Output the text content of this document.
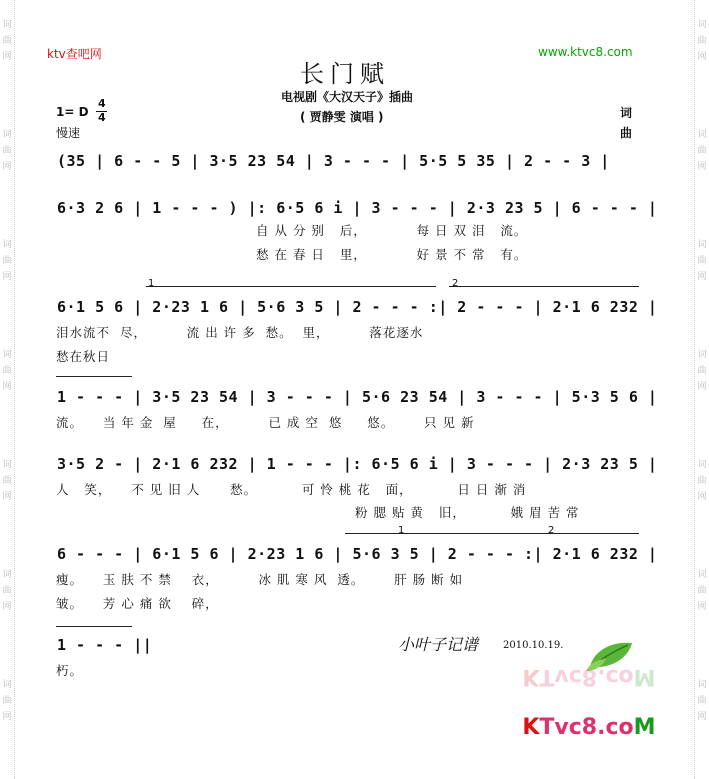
词
曲
网
词
曲
网
词
曲
网
词
曲
网
词
曲
网
词
曲
网
词
曲
网
词
曲
网
词
曲
网
词
曲
网
词
曲
网
词
曲
网
词
曲
网
词
曲
网
ktv查吧网	www.ktvc8.com
长门赋
电视剧《大汉天子》插曲
( 贾静雯 演唱 )
1= D
4
4
慢速
词
曲
(35 | 6 - - 5 | 3·5 23 54 | 3 - - - | 5·5 5 35 | 2 - - 3 |
6·3 2 6 | 1 - - - ) |: 6·5 6 i | 3 - - - | 2·3 23 5 | 6 - - - |
自 从 分 别   后，          每 日 双 泪   流。
愁 在 春 日   里，          好 景 不 常   有。
1	2
6·1 5 6 | 2·23 1 6 | 5·6 3 5 | 2 - - - :| 2 - - - | 2·1 6 232 |
泪水流不  尽，        流 出 许 多  愁。  里，        落花逐水
愁在秋日
1 - - - | 3·5 23 54 | 3 - - - | 5·6 23 54 | 3 - - - | 5·3 5 6 |
流。    当 年 金  屋     在，        已 成 空  悠     悠。      只 见 新
3·5 2 - | 2·1 6 232 | 1 - - - |: 6·5 6 i | 3 - - - | 2·3 23 5 |
人   笑，    不 见 旧 人      愁。         可 怜 桃 花   面，         日 日 渐 消
粉 腮 贴 黄   旧，         娥 眉 苦 常
1	2
6 - - - | 6·1 5 6 | 2·23 1 6 | 5·6 3 5 | 2 - - - :| 2·1 6 232 |
瘦。    玉 肤 不 禁    衣，        冰 肌 寒 风  透。      肝 肠 断 如
皱。    芳 心 痛 欲    碎，
1 - - - ||
朽。
小叶子记谱 2010.10.19.

KTvc8.coM

KTvc8.coM
